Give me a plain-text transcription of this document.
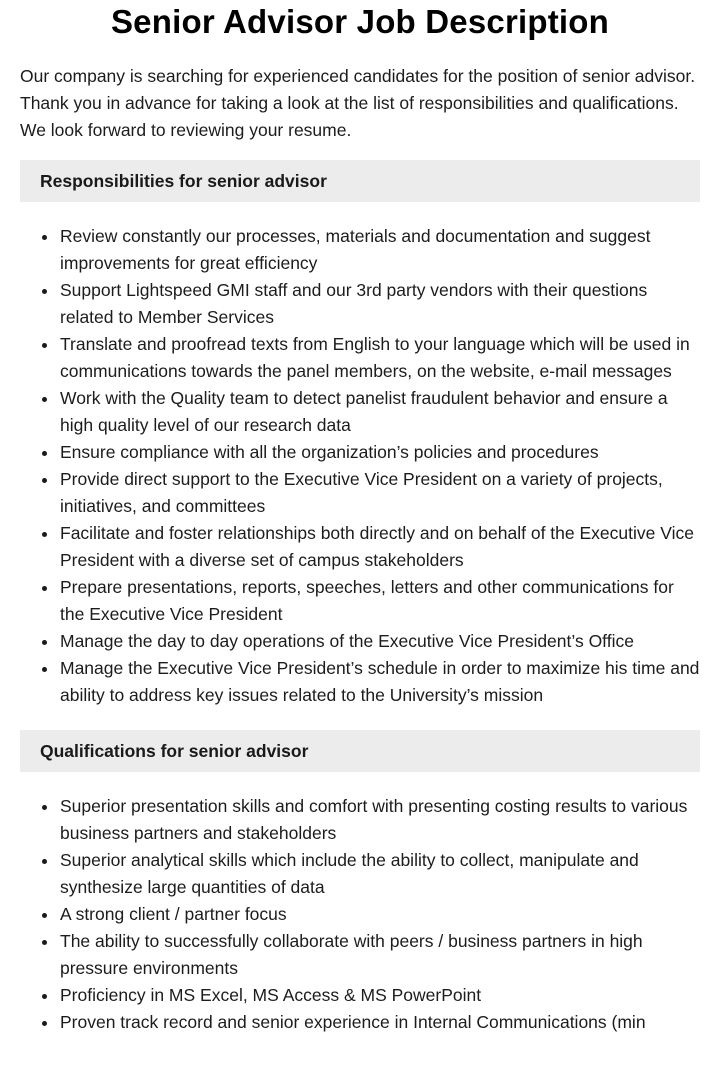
Senior Advisor Job Description

Our company is searching for experienced candidates for the position of senior advisor. Thank you in advance for taking a look at the list of responsibilities and qualifications. We look forward to reviewing your resume.

Responsibilities for senior advisor
Review constantly our processes, materials and documentation and suggest improvements for great efficiency
Support Lightspeed GMI staff and our 3rd party vendors with their questions related to Member Services
Translate and proofread texts from English to your language which will be used in communications towards the panel members, on the website, e-mail messages
Work with the Quality team to detect panelist fraudulent behavior and ensure a high quality level of our research data
Ensure compliance with all the organization’s policies and procedures
Provide direct support to the Executive Vice President on a variety of projects, initiatives, and committees
Facilitate and foster relationships both directly and on behalf of the Executive Vice President with a diverse set of campus stakeholders
Prepare presentations, reports, speeches, letters and other communications for the Executive Vice President
Manage the day to day operations of the Executive Vice President’s Office
Manage the Executive Vice President’s schedule in order to maximize his time and ability to address key issues related to the University’s mission
Qualifications for senior advisor
Superior presentation skills and comfort with presenting costing results to various business partners and stakeholders
Superior analytical skills which include the ability to collect, manipulate and synthesize large quantities of data
A strong client / partner focus
The ability to successfully collaborate with peers / business partners in high pressure environments
Proficiency in MS Excel, MS Access & MS PowerPoint
Proven track record and senior experience in Internal Communications (min
